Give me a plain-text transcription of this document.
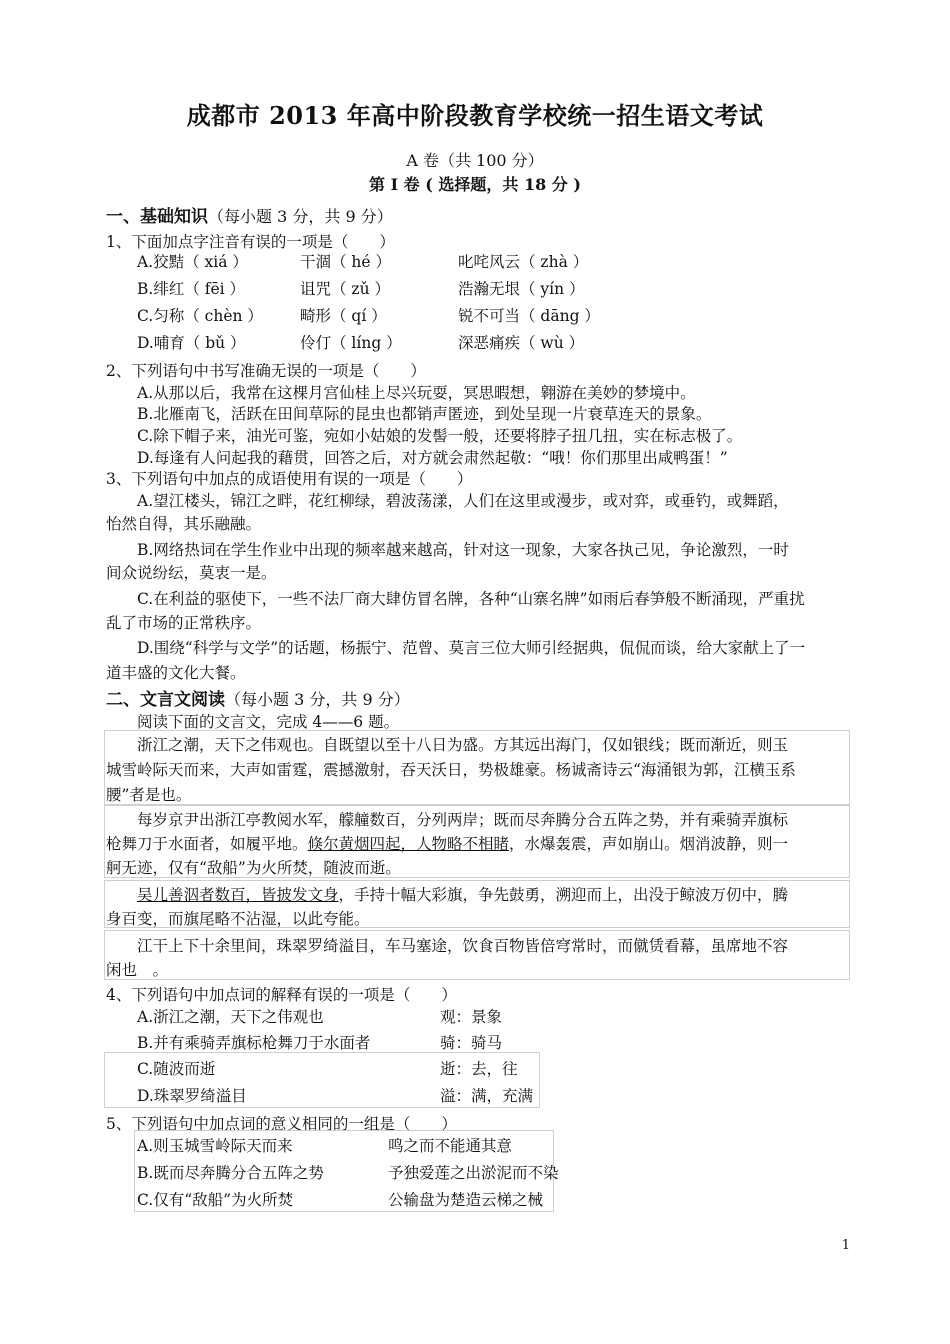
成都市 2013 年高中阶段教育学校统一招生语文考试
A 卷（共 100 分）
第 I 卷 ( 选择题，共 18 分 )
一、基础知识（每小题 3 分，共 9 分）
1、下面加点字注音有误的一项是（　　）
A.狡黠（ xiá ）	干涸（ hé ）	叱咤风云（ zhà ）
B.绯红（ fēi ）	诅咒（ zǔ ）	浩瀚无垠（ yín ）
C.匀称（ chèn ） 畸形（ qí ）	锐不可当（ dāng ）
D.哺育（ bǔ ）	伶仃（ líng ）	深恶痛疾（ wù ）
2、下列语句中书写准确无误的一项是（　　）
A.从那以后，我常在这棵月宫仙桂上尽兴玩耍，冥思暇想，翱游在美妙的梦境中。
B.北雁南飞，活跃在田间草际的昆虫也都销声匿迹，到处呈现一片衰草连天的景象。
C.除下帽子来，油光可鉴，宛如小姑娘的发髻一般，还要将脖子扭几扭，实在标志极了。
D.每逢有人问起我的藉贯，回答之后，对方就会肃然起敬：“哦！你们那里出咸鸭蛋！”
3、下列语句中加点的成语使用有误的一项是（　　）
A.望江楼头，锦江之畔，花红柳绿，碧波荡漾，人们在这里或漫步，或对弈，或垂钓，或舞蹈，
怡然自得，其乐融融。
B.网络热词在学生作业中出现的频率越来越高，针对这一现象，大家各执己见，争论激烈，一时
间众说纷纭，莫衷一是。
C.在利益的驱使下，一些不法厂商大肆仿冒名牌，各种“山寨名牌”如雨后春笋般不断涌现，严重扰
乱了市场的正常秩序。
D.围绕“科学与文学”的话题，杨振宁、范曾、莫言三位大师引经据典，侃侃而谈，给大家献上了一
道丰盛的文化大餐。
二、文言文阅读（每小题 3 分，共 9 分）
阅读下面的文言文，完成 4——6 题。
浙江之潮，天下之伟观也。自既望以至十八日为盛。方其远出海门，仅如银线；既而渐近，则玉
城雪岭际天而来，大声如雷霆，震撼激射，吞天沃日，势极雄豪。杨诚斋诗云“海涌银为郭，江横玉系
腰”者是也。
每岁京尹出浙江亭教阅水军，艨艟数百，分列两岸；既而尽奔腾分合五阵之势，并有乘骑弄旗标
枪舞刀于水面者，如履平地。倏尔黄烟四起，人物略不相睹，水爆轰震，声如崩山。烟消波静，则一
舸无迹，仅有“敌船”为火所焚，随波而逝。
吴儿善泅者数百，皆披发文身，手持十幅大彩旗，争先鼓勇，溯迎而上，出没于鲸波万仞中，腾
身百变，而旗尾略不沾湿，以此夸能。
江干上下十余里间，珠翠罗绮溢目，车马塞途，饮食百物皆倍穹常时，而僦赁看幕，虽席地不容
闲也　。
4、下列语句中加点词的解释有误的一项是（　　）
A.浙江之潮，天下之伟观也	观：景象
B.并有乘骑弄旗标枪舞刀于水面者	骑：骑马
C.随波而逝	逝：去，往
D.珠翠罗绮溢目	溢：满，充满
5、下列语句中加点词的意义相同的一组是（　　）
A.则玉城雪岭际天而来	鸣之而不能通其意
B.既而尽奔腾分合五阵之势	予独爱莲之出淤泥而不染
C.仅有“敌船”为火所焚	公输盘为楚造云梯之械
1
